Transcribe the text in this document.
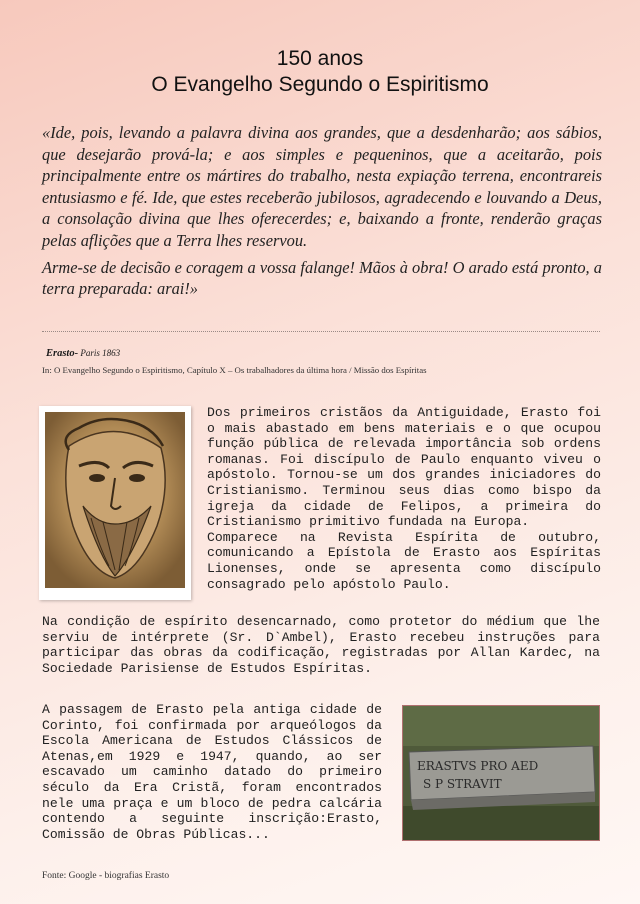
150 anos
O Evangelho Segundo o Espiritismo

«Ide, pois, levando a palavra divina aos grandes, que a desdenharão; aos sábios, que desejarão prová-la; e aos simples e pequeninos, que a aceitarão, pois principalmente entre os mártires do trabalho, nesta expiação terrena, encontrareis entusiasmo e fé. Ide, que estes receberão jubilosos, agradecendo e louvando a Deus, a consolação divina que lhes oferecerdes; e, baixando a fronte, renderão graças pelas aflições que a Terra lhes reservou.

Arme-se de decisão e coragem a vossa falange! Mãos à obra! O arado está pronto, a terra preparada: arai!»

Erasto- Paris 1863
In: O Evangelho Segundo o Espiritismo, Capítulo X – Os trabalhadores da última hora / Missão dos Espíritas
Dos primeiros cristãos da Antiguidade, Erasto foi o mais abastado em bens materiais e o que ocupou função pública de relevada importância sob ordens romanas. Foi discípulo de Paulo enquanto viveu o apóstolo. Tornou-se um dos grandes iniciadores do Cristianismo. Terminou seus dias como bispo da igreja da cidade de Felipos, a primeira do Cristianismo primitivo fundada na Europa.
Comparece na Revista Espírita de outubro, comunicando a Epístola de Erasto aos Espíritas Lionenses, onde se apresenta como discípulo consagrado pelo apóstolo Paulo.
Na condição de espírito desencarnado, como protetor do médium que lhe serviu de intérprete (Sr. D`Ambel), Erasto recebeu instruções para participar das obras da codificação, registradas por Allan Kardec, na Sociedade Parisiense de Estudos Espíritas.
A passagem de Erasto pela antiga cidade de Corinto, foi confirmada por arqueólogos da Escola Americana de Estudos Clássicos de Atenas,em 1929 e 1947, quando, ao ser escavado um caminho datado do primeiro século da Era Cristã, foram encontrados nele uma praça e um bloco de pedra calcária contendo a seguinte inscrição:Erasto, Comissão de Obras Públicas...
ERASTVS PRO AED
S P STRAVIT
Fonte: Google - biografias Erasto
